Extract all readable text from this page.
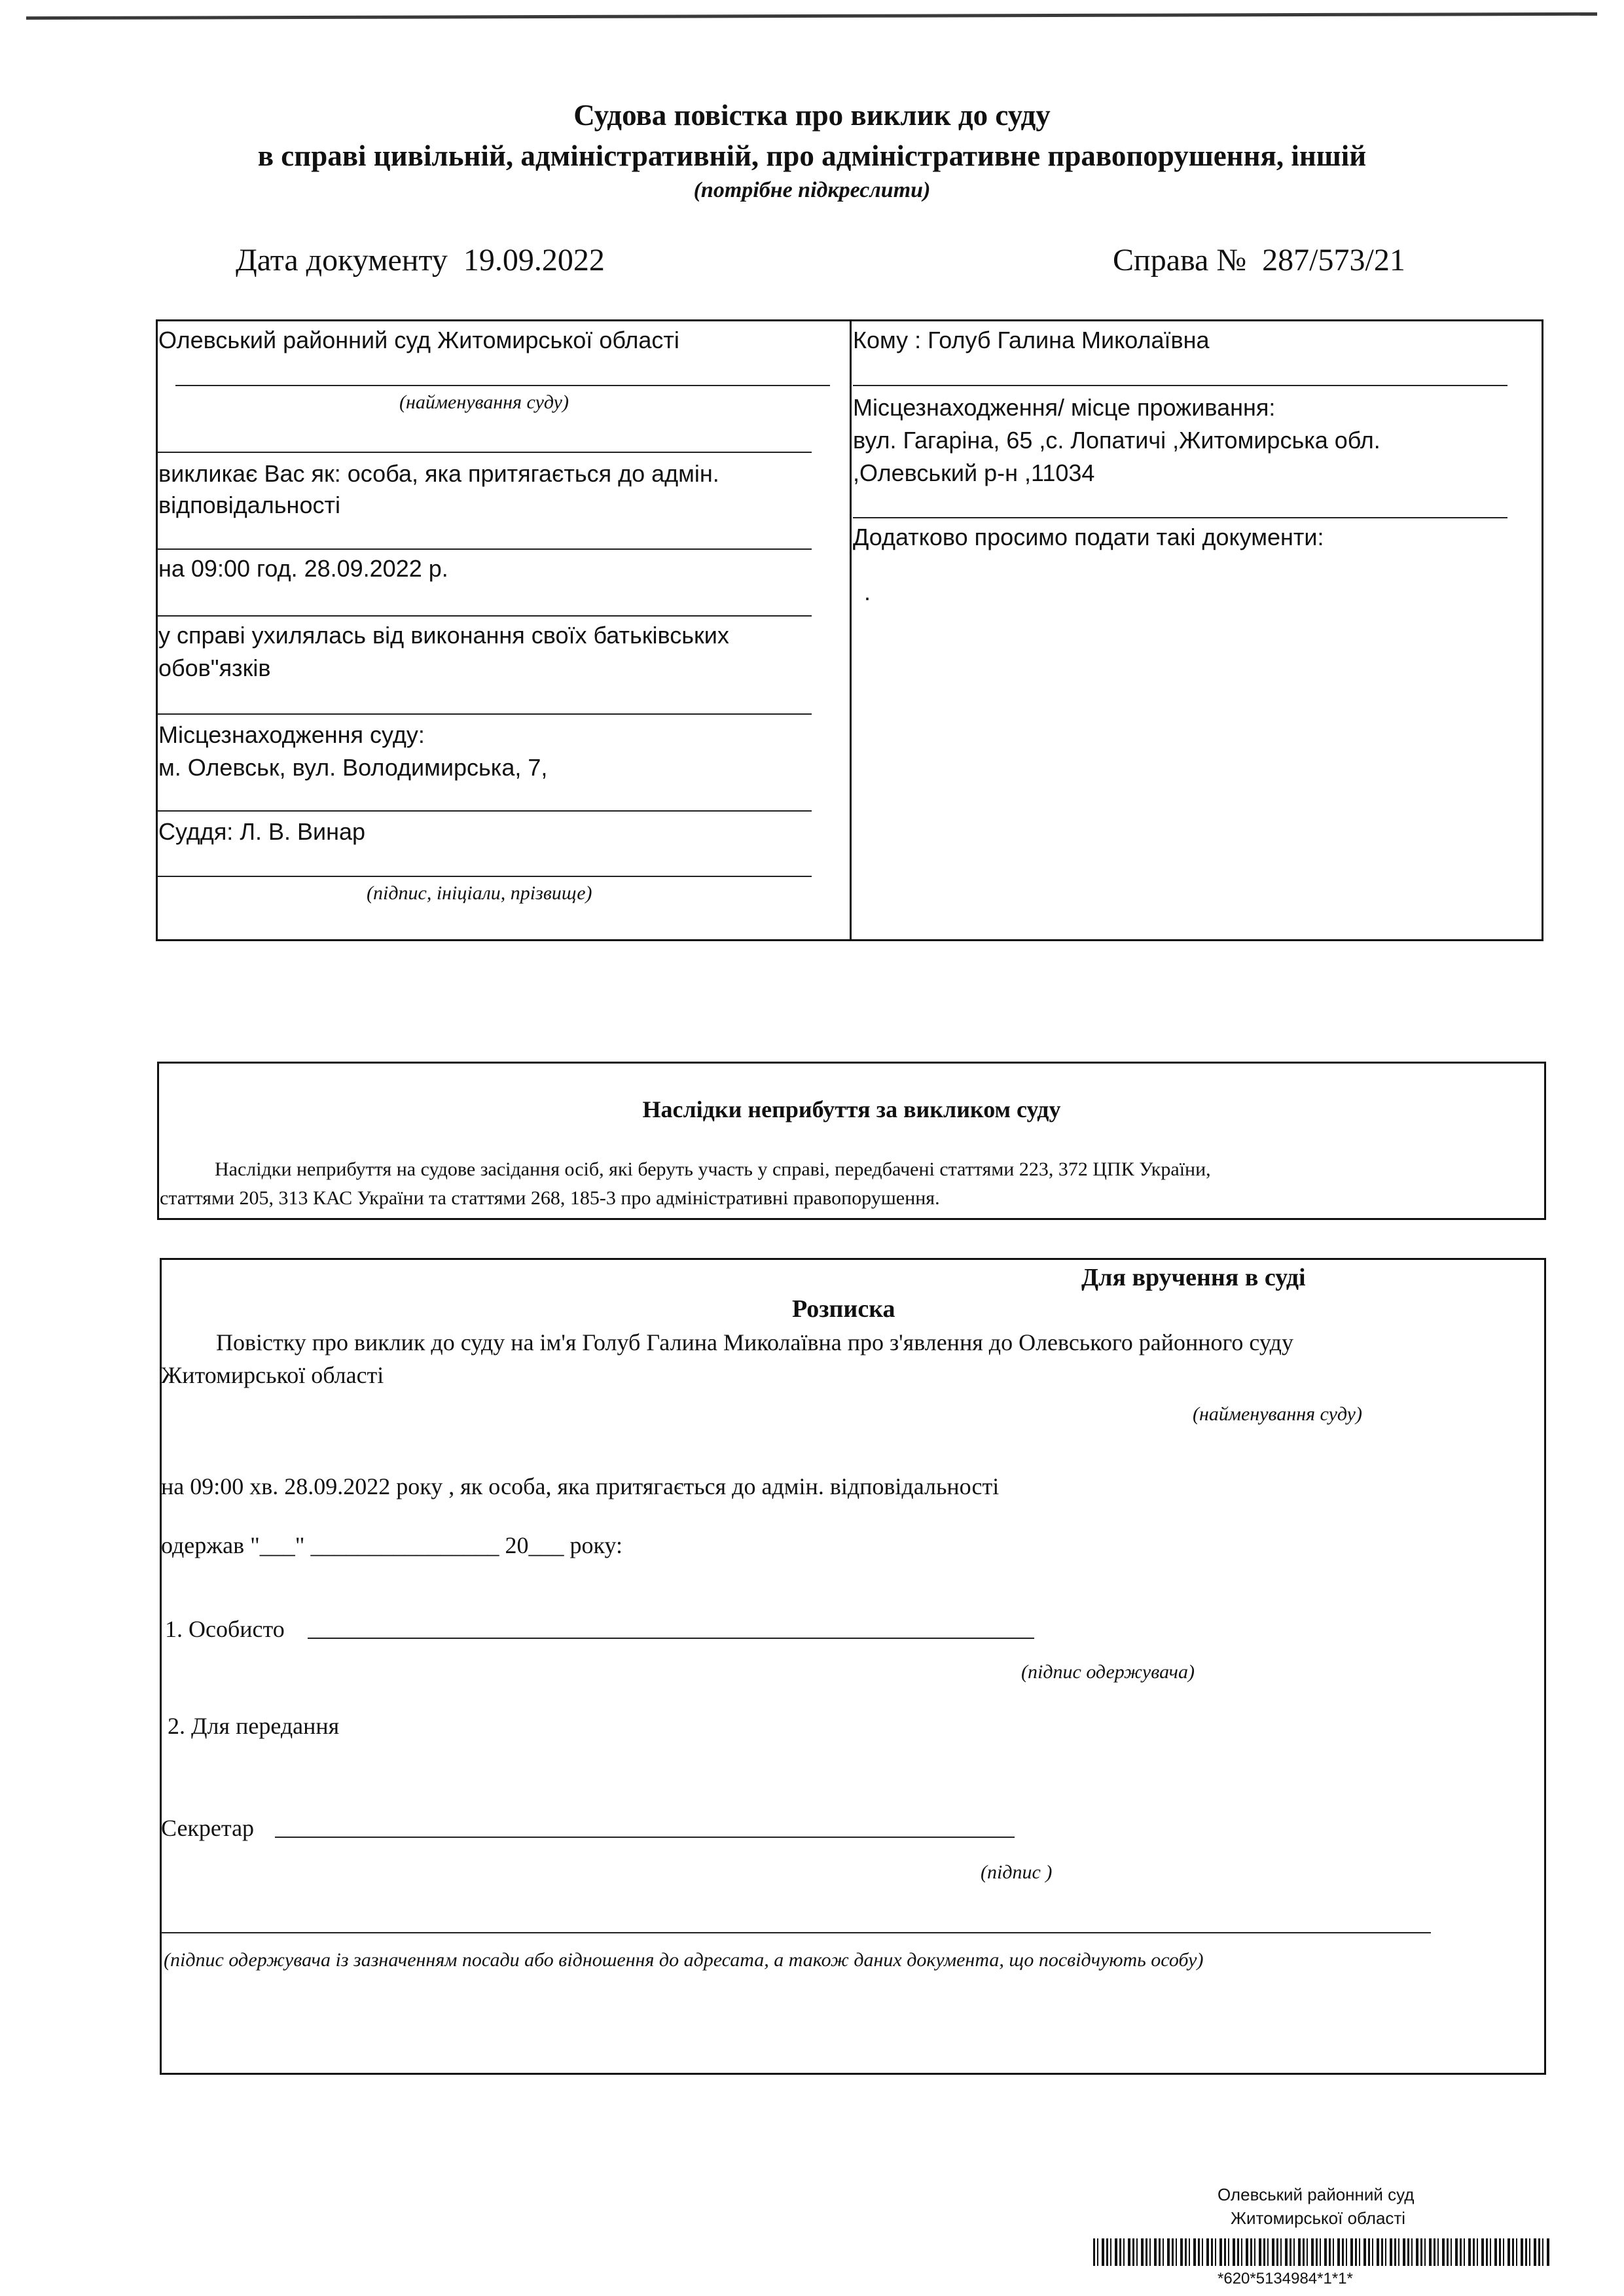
Судова повістка про виклик до суду
в справі цивільній, адміністративній, про адміністративне правопорушення, іншій
(потрібне підкреслити)
Дата документу 19.09.2022	Справа № 287/573/21
Олевський районний суд Житомирської області
(найменування суду)
викликає Вас як: особа, яка притягається до адмін.
відповідальності
на 09:00 год. 28.09.2022 р.
у справі ухилялась від виконання своїх батьківських
обов"язків
Місцезнаходження суду:
м. Олевськ, вул. Володимирська, 7,
Суддя: Л. В. Винар
(підпис, ініціали, прізвище)
Кому : Голуб Галина Миколаївна
Місцезнаходження/ місце проживання:
вул. Гагаріна, 65 ,с. Лопатичі ,Житомирська обл.
,Олевський р-н ,11034
Додатково просимо подати такі документи:
.
Наслідки неприбуття за викликом суду
Наслідки неприбуття на судове засідання осіб, які беруть участь у справі, передбачені статтями 223, 372 ЦПК України,
статтями 205, 313 КАС України та статтями 268, 185-3 про адміністративні правопорушення.
Для вручення в суді
Розписка
Повістку про виклик до суду на ім'я Голуб Галина Миколаївна про з'явлення до Олевського районного суду
Житомирської області
(найменування суду)
на 09:00 хв. 28.09.2022 року , як особа, яка притягається до адмін. відповідальності
одержав "___" ________________ 20___ року:
1. Особисто
(підпис одержувача)
2. Для передання
Секретар
(підпис )
(підпис одержувача із зазначенням посади або відношення до адресата, а також даних документа, що посвідчують особу)
Олевський районний суд
Житомирської області
*620*5134984*1*1*
